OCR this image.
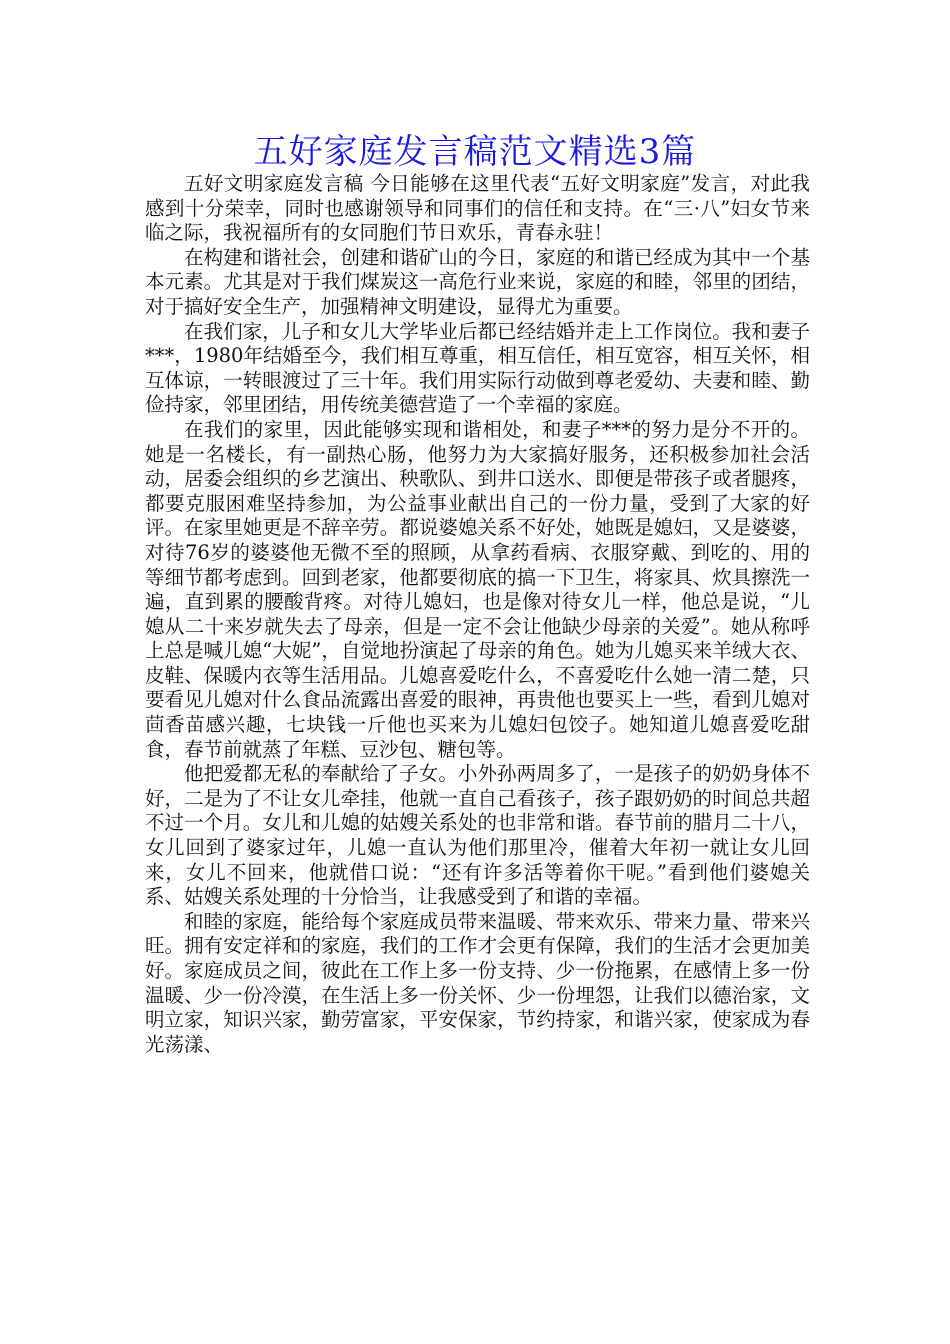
五好家庭发言稿范文精选3篇

五好文明家庭发言稿 今日能够在这里代表“五好文明家庭”发言，对此我感到十分荣幸，同时也感谢领导和同事们的信任和支持。在“三·八”妇女节来临之际，我祝福所有的女同胞们节日欢乐，青春永驻！

在构建和谐社会，创建和谐矿山的今日，家庭的和谐已经成为其中一个基本元素。尤其是对于我们煤炭这一高危行业来说，家庭的和睦，邻里的团结，对于搞好安全生产，加强精神文明建设，显得尤为重要。

在我们家，儿子和女儿大学毕业后都已经结婚并走上工作岗位。我和妻子***，1980年结婚至今，我们相互尊重，相互信任，相互宽容，相互关怀，相互体谅，一转眼渡过了三十年。我们用实际行动做到尊老爱幼、夫妻和睦、勤俭持家，邻里团结，用传统美德营造了一个幸福的家庭。

在我们的家里，因此能够实现和谐相处，和妻子***的努力是分不开的。她是一名楼长，有一副热心肠，他努力为大家搞好服务，还积极参加社会活动，居委会组织的乡艺演出、秧歌队、到井口送水、即便是带孩子或者腿疼，都要克服困难坚持参加，为公益事业献出自己的一份力量，受到了大家的好评。在家里她更是不辞辛劳。都说婆媳关系不好处，她既是媳妇，又是婆婆，对待76岁的婆婆他无微不至的照顾，从拿药看病、衣服穿戴、到吃的、用的等细节都考虑到。回到老家，他都要彻底的搞一下卫生，将家具、炊具擦洗一遍，直到累的腰酸背疼。对待儿媳妇，也是像对待女儿一样，他总是说，“儿媳从二十来岁就失去了母亲，但是一定不会让他缺少母亲的关爱”。她从称呼上总是喊儿媳“大妮”，自觉地扮演起了母亲的角色。她为儿媳买来羊绒大衣、皮鞋、保暖内衣等生活用品。儿媳喜爱吃什么，不喜爱吃什么她一清二楚，只要看见儿媳对什么食品流露出喜爱的眼神，再贵他也要买上一些，看到儿媳对茴香苗感兴趣，七块钱一斤他也买来为儿媳妇包饺子。她知道儿媳喜爱吃甜食，春节前就蒸了年糕、豆沙包、糖包等。

他把爱都无私的奉献给了子女。小外孙两周多了，一是孩子的奶奶身体不好，二是为了不让女儿牵挂，他就一直自己看孩子，孩子跟奶奶的时间总共超不过一个月。女儿和儿媳的姑嫂关系处的也非常和谐。春节前的腊月二十八，女儿回到了婆家过年，儿媳一直认为他们那里冷，催着大年初一就让女儿回来，女儿不回来，他就借口说：“还有许多活等着你干呢。”看到他们婆媳关系、姑嫂关系处理的十分恰当，让我感受到了和谐的幸福。

和睦的家庭，能给每个家庭成员带来温暖、带来欢乐、带来力量、带来兴旺。拥有安定祥和的家庭，我们的工作才会更有保障，我们的生活才会更加美好。家庭成员之间，彼此在工作上多一份支持、少一份拖累，在感情上多一份温暖、少一份冷漠，在生活上多一份关怀、少一份埋怨，让我们以德治家，文明立家，知识兴家，勤劳富家，平安保家，节约持家，和谐兴家，使家成为春光荡漾、
